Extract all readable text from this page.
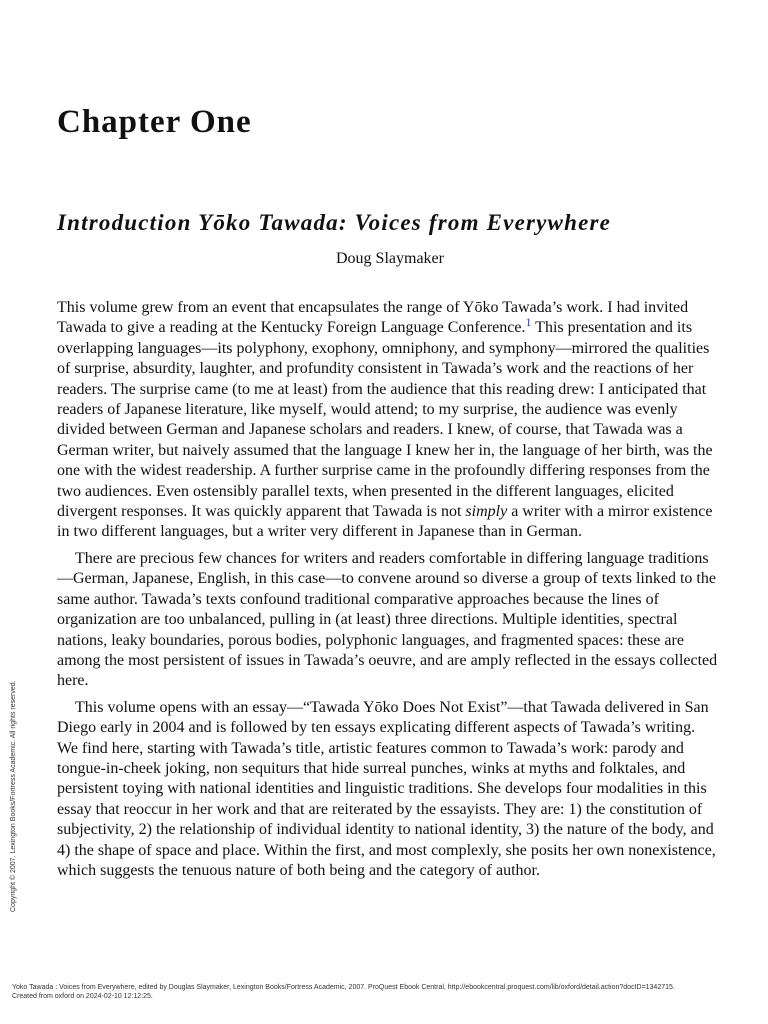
Chapter One
Introduction Yōko Tawada: Voices from Everywhere
Doug Slaymaker

This volume grew from an event that encapsulates the range of Yōko Tawada’s work. I had invited Tawada to give a reading at the Kentucky Foreign Language Conference.$^1$ This presentation and its overlapping languages—its polyphony, exophony, omniphony, and symphony—mirrored the qualities of surprise, absurdity, laughter, and profundity consistent in Tawada’s work and the reactions of her readers. The surprise came (to me at least) from the audience that this reading drew: I anticipated that readers of Japanese literature, like myself, would attend; to my surprise, the audience was evenly divided between German and Japanese scholars and readers. I knew, of course, that Tawada was a German writer, but naively assumed that the language I knew her in, the language of her birth, was the one with the widest readership. A further surprise came in the profoundly differing responses from the two audiences. Even ostensibly parallel texts, when presented in the different languages, elicited divergent responses. It was quickly apparent that Tawada is not simply a writer with a mirror existence in two different languages, but a writer very different in Japanese than in German.

There are precious few chances for writers and readers comfortable in differing language traditions—German, Japanese, English, in this case—to convene around so diverse a group of texts linked to the same author. Tawada’s texts confound traditional comparative approaches because the lines of organization are too unbalanced, pulling in (at least) three directions. Multiple identities, spectral nations, leaky boundaries, porous bodies, polyphonic languages, and fragmented spaces: these are among the most persistent of issues in Tawada’s oeuvre, and are amply reflected in the essays collected here.

This volume opens with an essay—“Tawada Yōko Does Not Exist”—that Tawada delivered in San Diego early in 2004 and is followed by ten essays explicating different aspects of Tawada’s writing. We find here, starting with Tawada’s title, artistic features common to Tawada’s work: parody and tongue-in-cheek joking, non sequiturs that hide surreal punches, winks at myths and folktales, and persistent toying with national identities and linguistic traditions. She develops four modalities in this essay that reoccur in her work and that are reiterated by the essayists. They are: 1) the constitution of subjectivity, 2) the relationship of individual identity to national identity, 3) the nature of the body, and 4) the shape of space and place. Within the first, and most complexly, she posits her own nonexistence, which suggests the tenuous nature of both being and the category of author.

Copyright © 2007. Lexington Books/Fortress Academic. All rights reserved.
Yoko Tawada : Voices from Everywhere, edited by Douglas Slaymaker, Lexington Books/Fortress Academic, 2007. ProQuest Ebook Central, http://ebookcentral.proquest.com/lib/oxford/detail.action?docID=1342715.
Created from oxford on 2024-02-10 12:12:25.
